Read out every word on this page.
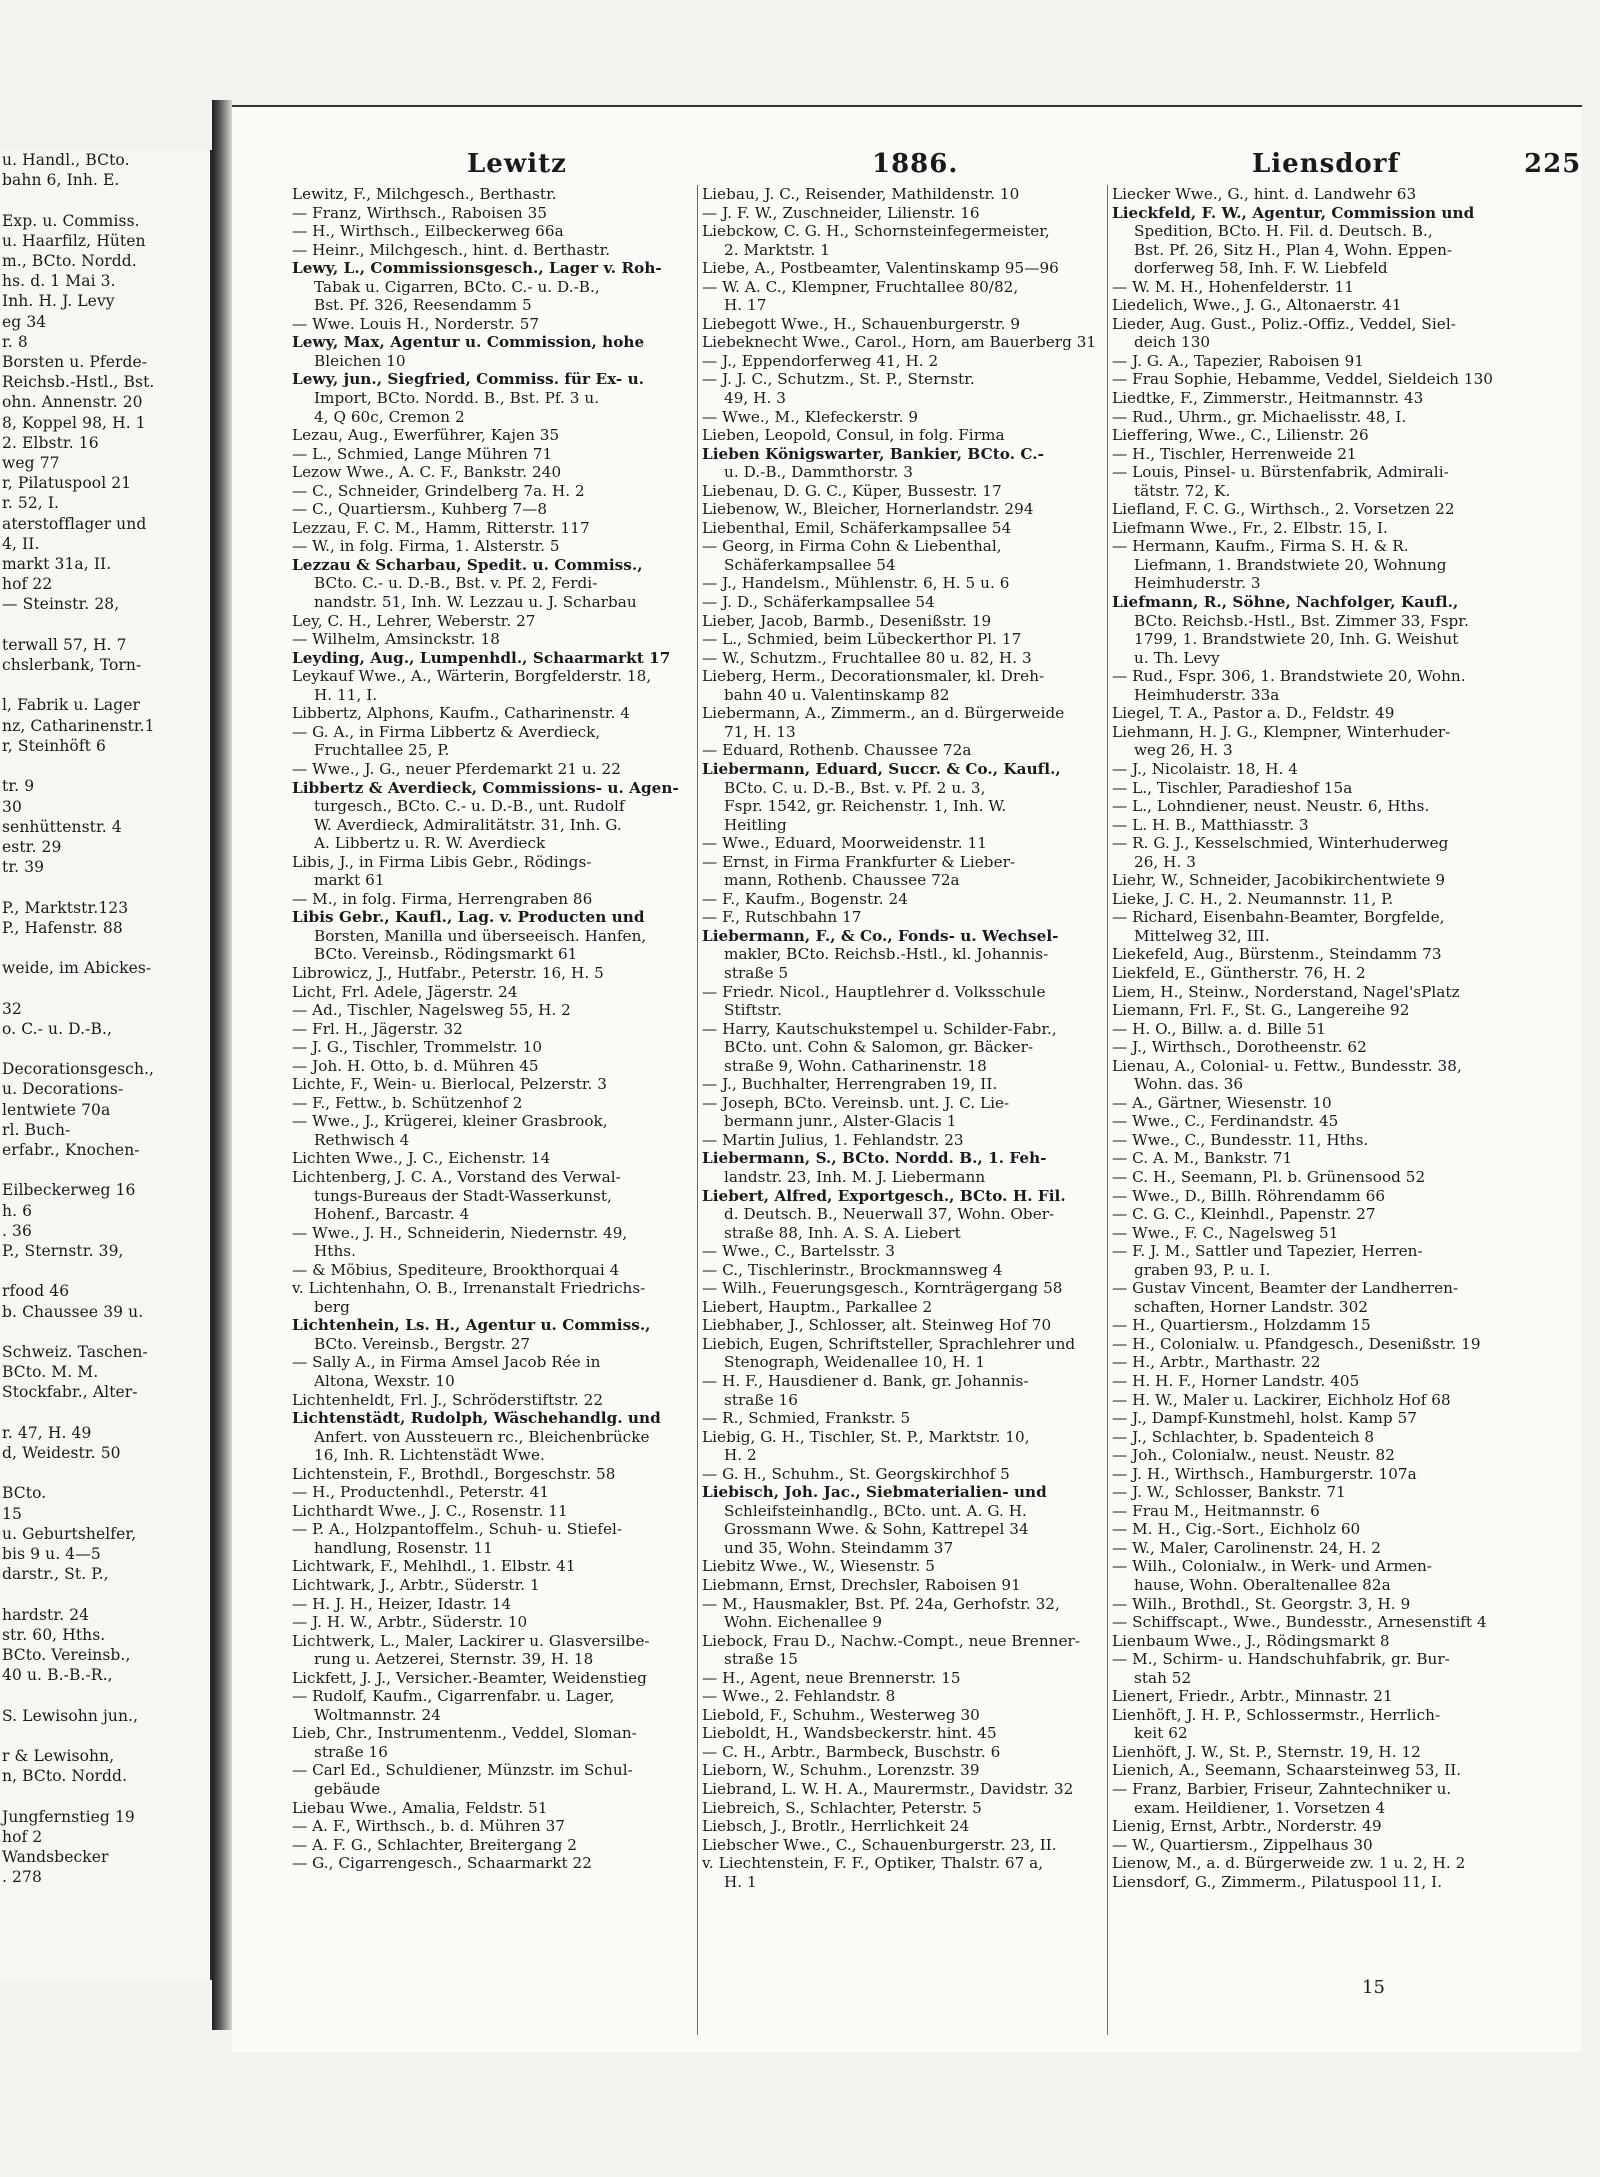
u. Handl., BCto.
bahn 6, Inh. E.

Exp. u. Commiss.
u. Haarfilz, Hüten
m., BCto. Nordd.
hs. d. 1 Mai 3.
Inh. H. J. Levy
eg 34
r. 8
Borsten u. Pferde-
Reichsb.-Hstl., Bst.
ohn. Annenstr. 20
8, Koppel 98, H. 1
2. Elbstr. 16
weg 77
r, Pilatuspool 21
r. 52, I.
aterstofflager und
4, II.
markt 31a, II.
hof 22
— Steinstr. 28,

terwall 57, H. 7
chslerbank, Torn-

l, Fabrik u. Lager
nz, Catharinenstr.1
r, Steinhöft 6

tr. 9
30
senhüttenstr. 4
estr. 29
tr. 39

P., Marktstr.123
P., Hafenstr. 88

weide, im Abickes-

32
o. C.- u. D.-B.,

Decorationsgesch.,
u. Decorations-
lentwiete 70a
rl. Buch-
erfabr., Knochen-

Eilbeckerweg 16
h. 6
. 36
P., Sternstr. 39,

rfood 46
b. Chaussee 39 u.

Schweiz. Taschen-
BCto. M. M.
Stockfabr., Alter-

r. 47, H. 49
d, Weidestr. 50

BCto.
15
u. Geburtshelfer,
bis 9 u. 4—5
darstr., St. P.,

hardstr. 24
str. 60, Hths.
BCto. Vereinsb.,
40 u. B.-B.-R.,

S. Lewisohn jun.,

r & Lewisohn,
n, BCto. Nordd.

Jungfernstieg 19
hof 2
Wandsbecker
. 278
Lewitz	1886.	Liensdorf	225
Lewitz, F., Milchgesch., Berthastr.
— Franz, Wirthsch., Raboisen 35
— H., Wirthsch., Eilbeckerweg 66a
— Heinr., Milchgesch., hint. d. Berthastr.
Lewy, L., Commissionsgesch., Lager v. Roh-
Tabak u. Cigarren, BCto. C.- u. D.-B.,
Bst. Pf. 326, Reesendamm 5
— Wwe. Louis H., Norderstr. 57
Lewy, Max, Agentur u. Commission, hohe
Bleichen 10
Lewy, jun., Siegfried, Commiss. für Ex- u.
Import, BCto. Nordd. B., Bst. Pf. 3 u.
4, Q 60c, Cremon 2
Lezau, Aug., Ewerführer, Kajen 35
— L., Schmied, Lange Mühren 71
Lezow Wwe., A. C. F., Bankstr. 240
— C., Schneider, Grindelberg 7a. H. 2
— C., Quartiersm., Kuhberg 7—8
Lezzau, F. C. M., Hamm, Ritterstr. 117
— W., in folg. Firma, 1. Alsterstr. 5
Lezzau & Scharbau, Spedit. u. Commiss.,
BCto. C.- u. D.-B., Bst. v. Pf. 2, Ferdi-
nandstr. 51, Inh. W. Lezzau u. J. Scharbau
Ley, C. H., Lehrer, Weberstr. 27
— Wilhelm, Amsinckstr. 18
Leyding, Aug., Lumpenhdl., Schaarmarkt 17
Leykauf Wwe., A., Wärterin, Borgfelderstr. 18,
H. 11, I.
Libbertz, Alphons, Kaufm., Catharinenstr. 4
— G. A., in Firma Libbertz & Averdieck,
Fruchtallee 25, P.
— Wwe., J. G., neuer Pferdemarkt 21 u. 22
Libbertz & Averdieck, Commissions- u. Agen-
turgesch., BCto. C.- u. D.-B., unt. Rudolf
W. Averdieck, Admiralitätstr. 31, Inh. G.
A. Libbertz u. R. W. Averdieck
Libis, J., in Firma Libis Gebr., Rödings-
markt 61
— M., in folg. Firma, Herrengraben 86
Libis Gebr., Kaufl., Lag. v. Producten und
Borsten, Manilla und überseeisch. Hanfen,
BCto. Vereinsb., Rödingsmarkt 61
Librowicz, J., Hutfabr., Peterstr. 16, H. 5
Licht, Frl. Adele, Jägerstr. 24
— Ad., Tischler, Nagelsweg 55, H. 2
— Frl. H., Jägerstr. 32
— J. G., Tischler, Trommelstr. 10
— Joh. H. Otto, b. d. Mühren 45
Lichte, F., Wein- u. Bierlocal, Pelzerstr. 3
— F., Fettw., b. Schützenhof 2
— Wwe., J., Krügerei, kleiner Grasbrook,
Rethwisch 4
Lichten Wwe., J. C., Eichenstr. 14
Lichtenberg, J. C. A., Vorstand des Verwal-
tungs-Bureaus der Stadt-Wasserkunst,
Hohenf., Barcastr. 4
— Wwe., J. H., Schneiderin, Niedernstr. 49,
Hths.
— & Möbius, Spediteure, Brookthorquai 4
v. Lichtenhahn, O. B., Irrenanstalt Friedrichs-
berg
Lichtenhein, Ls. H., Agentur u. Commiss.,
BCto. Vereinsb., Bergstr. 27
— Sally A., in Firma Amsel Jacob Rée in
Altona, Wexstr. 10
Lichtenheldt, Frl. J., Schröderstiftstr. 22
Lichtenstädt, Rudolph, Wäschehandlg. und
Anfert. von Aussteuern rc., Bleichenbrücke
16, Inh. R. Lichtenstädt Wwe.
Lichtenstein, F., Brothdl., Borgeschstr. 58
— H., Productenhdl., Peterstr. 41
Lichthardt Wwe., J. C., Rosenstr. 11
— P. A., Holzpantoffelm., Schuh- u. Stiefel-
handlung, Rosenstr. 11
Lichtwark, F., Mehlhdl., 1. Elbstr. 41
Lichtwark, J., Arbtr., Süderstr. 1
— H. J. H., Heizer, Idastr. 14
— J. H. W., Arbtr., Süderstr. 10
Lichtwerk, L., Maler, Lackirer u. Glasversilbe-
rung u. Aetzerei, Sternstr. 39, H. 18
Lickfett, J. J., Versicher.-Beamter, Weidenstieg
— Rudolf, Kaufm., Cigarrenfabr. u. Lager,
Woltmannstr. 24
Lieb, Chr., Instrumentenm., Veddel, Sloman-
straße 16
— Carl Ed., Schuldiener, Münzstr. im Schul-
gebäude
Liebau Wwe., Amalia, Feldstr. 51
— A. F., Wirthsch., b. d. Mühren 37
— A. F. G., Schlachter, Breitergang 2
— G., Cigarrengesch., Schaarmarkt 22
Liebau, J. C., Reisender, Mathildenstr. 10
— J. F. W., Zuschneider, Lilienstr. 16
Liebckow, C. G. H., Schornsteinfegermeister,
2. Marktstr. 1
Liebe, A., Postbeamter, Valentinskamp 95—96
— W. A. C., Klempner, Fruchtallee 80/82,
H. 17
Liebegott Wwe., H., Schauenburgerstr. 9
Liebeknecht Wwe., Carol., Horn, am Bauerberg 31
— J., Eppendorferweg 41, H. 2
— J. J. C., Schutzm., St. P., Sternstr.
49, H. 3
— Wwe., M., Klefeckerstr. 9
Lieben, Leopold, Consul, in folg. Firma
Lieben Königswarter, Bankier, BCto. C.-
u. D.-B., Dammthorstr. 3
Liebenau, D. G. C., Küper, Bussestr. 17
Liebenow, W., Bleicher, Hornerlandstr. 294
Liebenthal, Emil, Schäferkampsallee 54
— Georg, in Firma Cohn & Liebenthal,
Schäferkampsallee 54
— J., Handelsm., Mühlenstr. 6, H. 5 u. 6
— J. D., Schäferkampsallee 54
Lieber, Jacob, Barmb., Desenißstr. 19
— L., Schmied, beim Lübeckerthor Pl. 17
— W., Schutzm., Fruchtallee 80 u. 82, H. 3
Lieberg, Herm., Decorationsmaler, kl. Dreh-
bahn 40 u. Valentinskamp 82
Liebermann, A., Zimmerm., an d. Bürgerweide
71, H. 13
— Eduard, Rothenb. Chaussee 72a
Liebermann, Eduard, Succr. & Co., Kaufl.,
BCto. C. u. D.-B., Bst. v. Pf. 2 u. 3,
Fspr. 1542, gr. Reichenstr. 1, Inh. W.
Heitling
— Wwe., Eduard, Moorweidenstr. 11
— Ernst, in Firma Frankfurter & Lieber-
mann, Rothenb. Chaussee 72a
— F., Kaufm., Bogenstr. 24
— F., Rutschbahn 17
Liebermann, F., & Co., Fonds- u. Wechsel-
makler, BCto. Reichsb.-Hstl., kl. Johannis-
straße 5
— Friedr. Nicol., Hauptlehrer d. Volksschule
Stiftstr.
— Harry, Kautschukstempel u. Schilder-Fabr.,
BCto. unt. Cohn & Salomon, gr. Bäcker-
straße 9, Wohn. Catharinenstr. 18
— J., Buchhalter, Herrengraben 19, II.
— Joseph, BCto. Vereinsb. unt. J. C. Lie-
bermann junr., Alster-Glacis 1
— Martin Julius, 1. Fehlandstr. 23
Liebermann, S., BCto. Nordd. B., 1. Feh-
landstr. 23, Inh. M. J. Liebermann
Liebert, Alfred, Exportgesch., BCto. H. Fil.
d. Deutsch. B., Neuerwall 37, Wohn. Ober-
straße 88, Inh. A. S. A. Liebert
— Wwe., C., Bartelsstr. 3
— C., Tischlerinstr., Brockmannsweg 4
— Wilh., Feuerungsgesch., Kornträgergang 58
Liebert, Hauptm., Parkallee 2
Liebhaber, J., Schlosser, alt. Steinweg Hof 70
Liebich, Eugen, Schriftsteller, Sprachlehrer und
Stenograph, Weidenallee 10, H. 1
— H. F., Hausdiener d. Bank, gr. Johannis-
straße 16
— R., Schmied, Frankstr. 5
Liebig, G. H., Tischler, St. P., Marktstr. 10,
H. 2
— G. H., Schuhm., St. Georgskirchhof 5
Liebisch, Joh. Jac., Siebmaterialien- und
Schleifsteinhandlg., BCto. unt. A. G. H.
Grossmann Wwe. & Sohn, Kattrepel 34
und 35, Wohn. Steindamm 37
Liebitz Wwe., W., Wiesenstr. 5
Liebmann, Ernst, Drechsler, Raboisen 91
— M., Hausmakler, Bst. Pf. 24a, Gerhofstr. 32,
Wohn. Eichenallee 9
Liebock, Frau D., Nachw.-Compt., neue Brenner-
straße 15
— H., Agent, neue Brennerstr. 15
— Wwe., 2. Fehlandstr. 8
Liebold, F., Schuhm., Westerweg 30
Lieboldt, H., Wandsbeckerstr. hint. 45
— C. H., Arbtr., Barmbeck, Buschstr. 6
Lieborn, W., Schuhm., Lorenzstr. 39
Liebrand, L. W. H. A., Maurermstr., Davidstr. 32
Liebreich, S., Schlachter, Peterstr. 5
Liebsch, J., Brotlr., Herrlichkeit 24
Liebscher Wwe., C., Schauenburgerstr. 23, II.
v. Liechtenstein, F. F., Optiker, Thalstr. 67 a,
H. 1
Liecker Wwe., G., hint. d. Landwehr 63
Lieckfeld, F. W., Agentur, Commission und
Spedition, BCto. H. Fil. d. Deutsch. B.,
Bst. Pf. 26, Sitz H., Plan 4, Wohn. Eppen-
dorferweg 58, Inh. F. W. Liebfeld
— W. M. H., Hohenfelderstr. 11
Liedelich, Wwe., J. G., Altonaerstr. 41
Lieder, Aug. Gust., Poliz.-Offiz., Veddel, Siel-
deich 130
— J. G. A., Tapezier, Raboisen 91
— Frau Sophie, Hebamme, Veddel, Sieldeich 130
Liedtke, F., Zimmerstr., Heitmannstr. 43
— Rud., Uhrm., gr. Michaelisstr. 48, I.
Lieffering, Wwe., C., Lilienstr. 26
— H., Tischler, Herrenweide 21
— Louis, Pinsel- u. Bürstenfabrik, Admirali-
tätstr. 72, K.
Liefland, F. C. G., Wirthsch., 2. Vorsetzen 22
Liefmann Wwe., Fr., 2. Elbstr. 15, I.
— Hermann, Kaufm., Firma S. H. & R.
Liefmann, 1. Brandstwiete 20, Wohnung
Heimhuderstr. 3
Liefmann, R., Söhne, Nachfolger, Kaufl.,
BCto. Reichsb.-Hstl., Bst. Zimmer 33, Fspr.
1799, 1. Brandstwiete 20, Inh. G. Weishut
u. Th. Levy
— Rud., Fspr. 306, 1. Brandstwiete 20, Wohn.
Heimhuderstr. 33a
Liegel, T. A., Pastor a. D., Feldstr. 49
Liehmann, H. J. G., Klempner, Winterhuder-
weg 26, H. 3
— J., Nicolaistr. 18, H. 4
— L., Tischler, Paradieshof 15a
— L., Lohndiener, neust. Neustr. 6, Hths.
— L. H. B., Matthiasstr. 3
— R. G. J., Kesselschmied, Winterhuderweg
26, H. 3
Liehr, W., Schneider, Jacobikirchentwiete 9
Lieke, J. C. H., 2. Neumannstr. 11, P.
— Richard, Eisenbahn-Beamter, Borgfelde,
Mittelweg 32, III.
Liekefeld, Aug., Bürstenm., Steindamm 73
Liekfeld, E., Güntherstr. 76, H. 2
Liem, H., Steinw., Norderstand, Nagel'sPlatz
Liemann, Frl. F., St. G., Langereihe 92
— H. O., Billw. a. d. Bille 51
— J., Wirthsch., Dorotheenstr. 62
Lienau, A., Colonial- u. Fettw., Bundesstr. 38,
Wohn. das. 36
— A., Gärtner, Wiesenstr. 10
— Wwe., C., Ferdinandstr. 45
— Wwe., C., Bundesstr. 11, Hths.
— C. A. M., Bankstr. 71
— C. H., Seemann, Pl. b. Grünensood 52
— Wwe., D., Billh. Röhrendamm 66
— C. G. C., Kleinhdl., Papenstr. 27
— Wwe., F. C., Nagelsweg 51
— F. J. M., Sattler und Tapezier, Herren-
graben 93, P. u. I.
— Gustav Vincent, Beamter der Landherren-
schaften, Horner Landstr. 302
— H., Quartiersm., Holzdamm 15
— H., Colonialw. u. Pfandgesch., Desenißstr. 19
— H., Arbtr., Marthastr. 22
— H. H. F., Horner Landstr. 405
— H. W., Maler u. Lackirer, Eichholz Hof 68
— J., Dampf-Kunstmehl, holst. Kamp 57
— J., Schlachter, b. Spadenteich 8
— Joh., Colonialw., neust. Neustr. 82
— J. H., Wirthsch., Hamburgerstr. 107a
— J. W., Schlosser, Bankstr. 71
— Frau M., Heitmannstr. 6
— M. H., Cig.-Sort., Eichholz 60
— W., Maler, Carolinenstr. 24, H. 2
— Wilh., Colonialw., in Werk- und Armen-
hause, Wohn. Oberaltenallee 82a
— Wilh., Brothdl., St. Georgstr. 3, H. 9
— Schiffscapt., Wwe., Bundesstr., Arnesenstift 4
Lienbaum Wwe., J., Rödingsmarkt 8
— M., Schirm- u. Handschuhfabrik, gr. Bur-
stah 52
Lienert, Friedr., Arbtr., Minnastr. 21
Lienhöft, J. H. P., Schlossermstr., Herrlich-
keit 62
Lienhöft, J. W., St. P., Sternstr. 19, H. 12
Lienich, A., Seemann, Schaarsteinweg 53, II.
— Franz, Barbier, Friseur, Zahntechniker u.
exam. Heildiener, 1. Vorsetzen 4
Lienig, Ernst, Arbtr., Norderstr. 49
— W., Quartiersm., Zippelhaus 30
Lienow, M., a. d. Bürgerweide zw. 1 u. 2, H. 2
Liensdorf, G., Zimmerm., Pilatuspool 11, I.
15
